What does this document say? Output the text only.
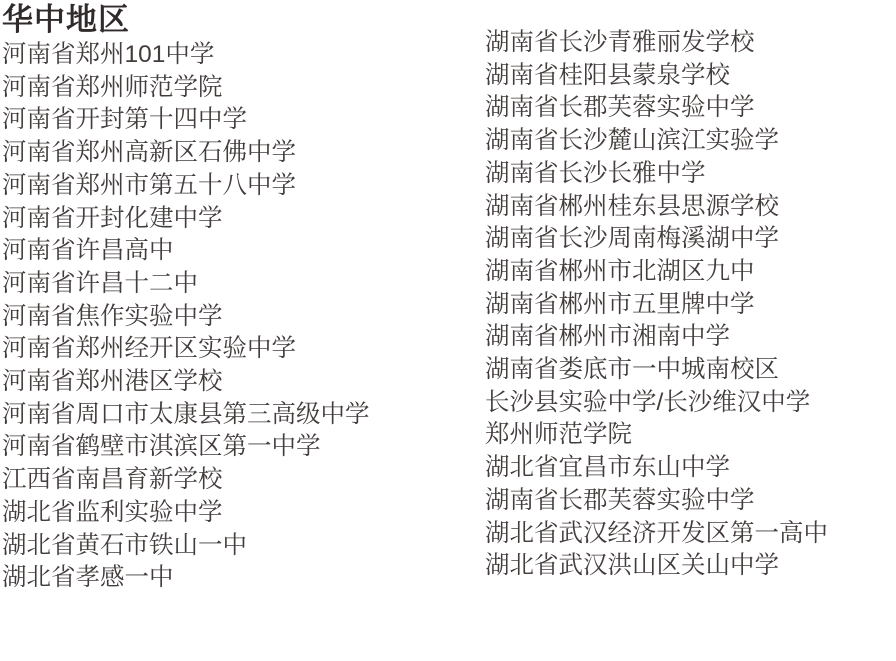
华中地区
河南省郑州101中学
河南省郑州师范学院
河南省开封第十四中学
河南省郑州高新区石佛中学
河南省郑州市第五十八中学
河南省开封化建中学
河南省许昌高中
河南省许昌十二中
河南省焦作实验中学
河南省郑州经开区实验中学
河南省郑州港区学校
河南省周口市太康县第三高级中学
河南省鹤壁市淇滨区第一中学
江西省南昌育新学校
湖北省监利实验中学
湖北省黄石市铁山一中
湖北省孝感一中
湖南省长沙青雅丽发学校
湖南省桂阳县蒙泉学校
湖南省长郡芙蓉实验中学
湖南省长沙麓山滨江实验学
湖南省长沙长雅中学
湖南省郴州桂东县思源学校
湖南省长沙周南梅溪湖中学
湖南省郴州市北湖区九中
湖南省郴州市五里牌中学
湖南省郴州市湘南中学
湖南省娄底市一中城南校区
长沙县实验中学/长沙维汉中学
郑州师范学院
湖北省宜昌市东山中学
湖南省长郡芙蓉实验中学
湖北省武汉经济开发区第一高中
湖北省武汉洪山区关山中学
